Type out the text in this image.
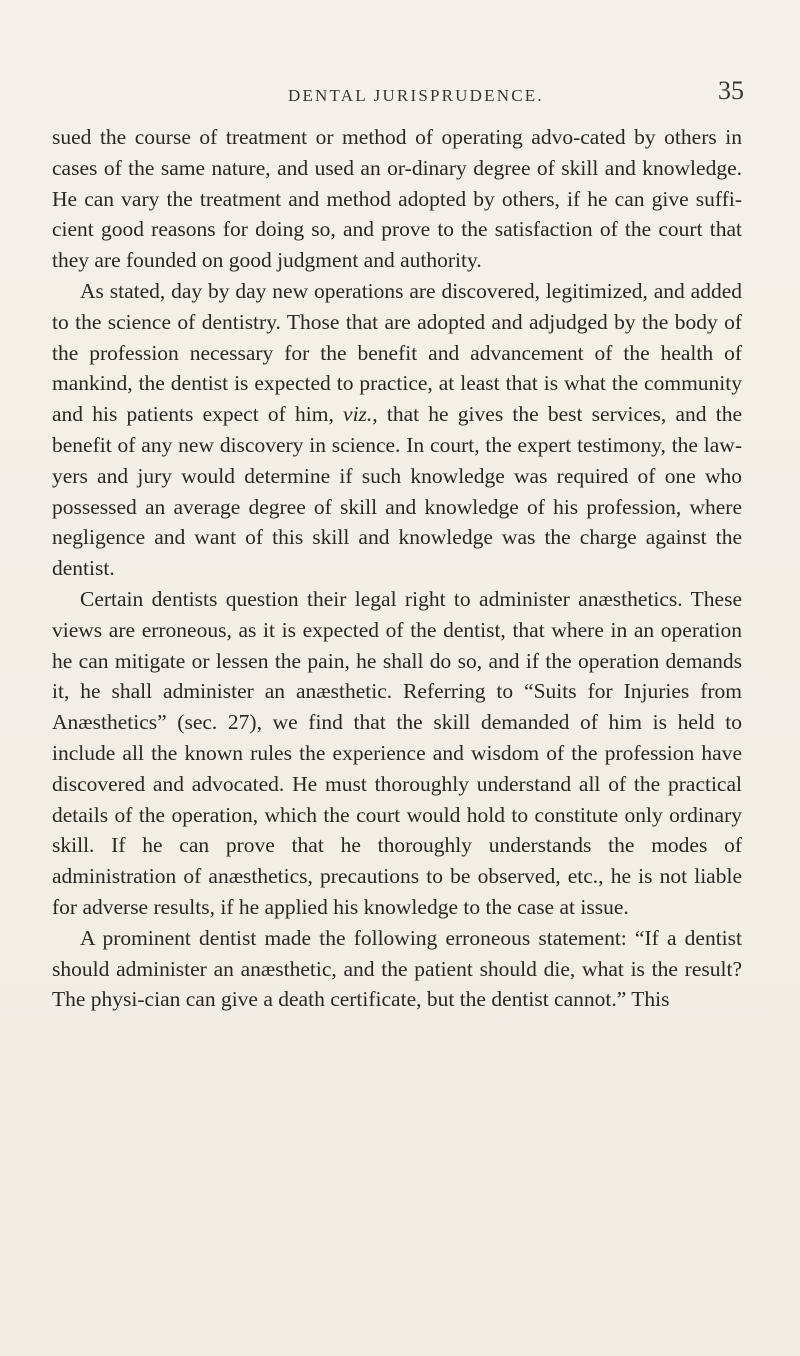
DENTAL JURISPRUDENCE.	35

sued the course of treatment or method of operating advo-cated by others in cases of the same nature, and used an or-dinary degree of skill and knowledge. He can vary the treatment and method adopted by others, if he can give suffi-cient good reasons for doing so, and prove to the satisfaction of the court that they are founded on good judgment and authority.

As stated, day by day new operations are discovered, legitimized, and added to the science of dentistry. Those that are adopted and adjudged by the body of the profession necessary for the benefit and advancement of the health of mankind, the dentist is expected to practice, at least that is what the community and his patients expect of him, viz., that he gives the best services, and the benefit of any new discovery in science. In court, the expert testimony, the law-yers and jury would determine if such knowledge was required of one who possessed an average degree of skill and knowledge of his profession, where negligence and want of this skill and knowledge was the charge against the dentist.

Certain dentists question their legal right to administer anæsthetics. These views are erroneous, as it is expected of the dentist, that where in an operation he can mitigate or lessen the pain, he shall do so, and if the operation demands it, he shall administer an anæsthetic. Referring to “Suits for Injuries from Anæsthetics” (sec. 27), we find that the skill demanded of him is held to include all the known rules the experience and wisdom of the profession have discovered and advocated. He must thoroughly understand all of the practical details of the operation, which the court would hold to constitute only ordinary skill. If he can prove that he thoroughly understands the modes of administration of anæsthetics, precautions to be observed, etc., he is not liable for adverse results, if he applied his knowledge to the case at issue.

A prominent dentist made the following erroneous statement: “If a dentist should administer an anæsthetic, and the patient should die, what is the result? The physi-cian can give a death certificate, but the dentist cannot.” This
